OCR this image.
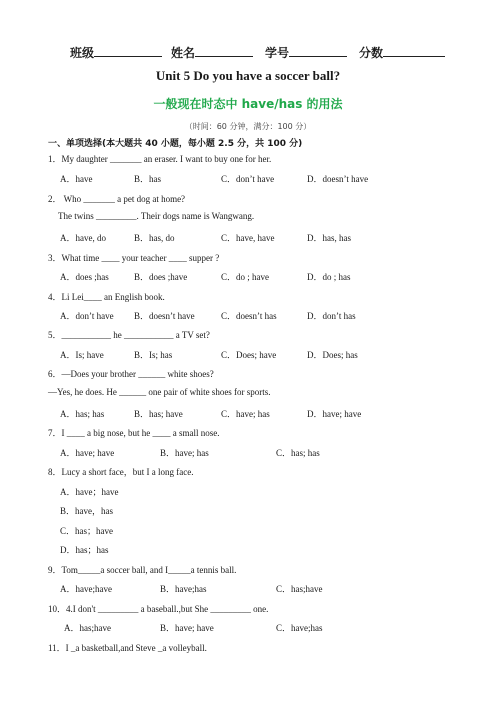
班级	姓名	学号	分数
Unit 5 Do you have a soccer ball?
一般现在时态中 have/has 的用法
（时间：60 分钟，满分：100 分）
一、单项选择(本大题共 40 小题，每小题 2.5 分，共 100 分)
1．My daughter _______ an eraser. I want to buy one for her.
A．have	B．has	C．don’t have	D．doesn’t have
2． Who _______ a pet dog at home?
The twins _________. Their dogs name is Wangwang.
A．have, do	B．has, do	C．have, have	D．has, has
3．What time ____ your teacher ____ supper ?
A．does ;has	B．does ;have	C．do ; have	D．do ; has
4．Li Lei____ an English book.
A．don’t have B．doesn’t have	C．doesn’t has	D．don’t has
5．___________ he ___________ a TV set?
A．Is; have	B．Is; has	C．Does; have	D．Does; has
6．—Does your brother ______ white shoes?
—Yes, he does. He ______ one pair of white shoes for sports.
A．has; has	B．has; have	C．have; has	D．have; have
7．I ____ a big nose, but he ____ a small nose.
A．have; have	B．have; has	C．has; has
8．Lucy a short face，but I a long face.
A．have；have
B．have，has
C．has；have
D．has；has
9．Tom_____a soccer ball, and I_____a tennis ball.
A．have;have	B．have;has	C．has;have
10．4.I don't _________ a baseball.,but She _________ one.
A．has;have	B．have; have	C．have;has
11．I _a basketball,and Steve _a volleyball.
